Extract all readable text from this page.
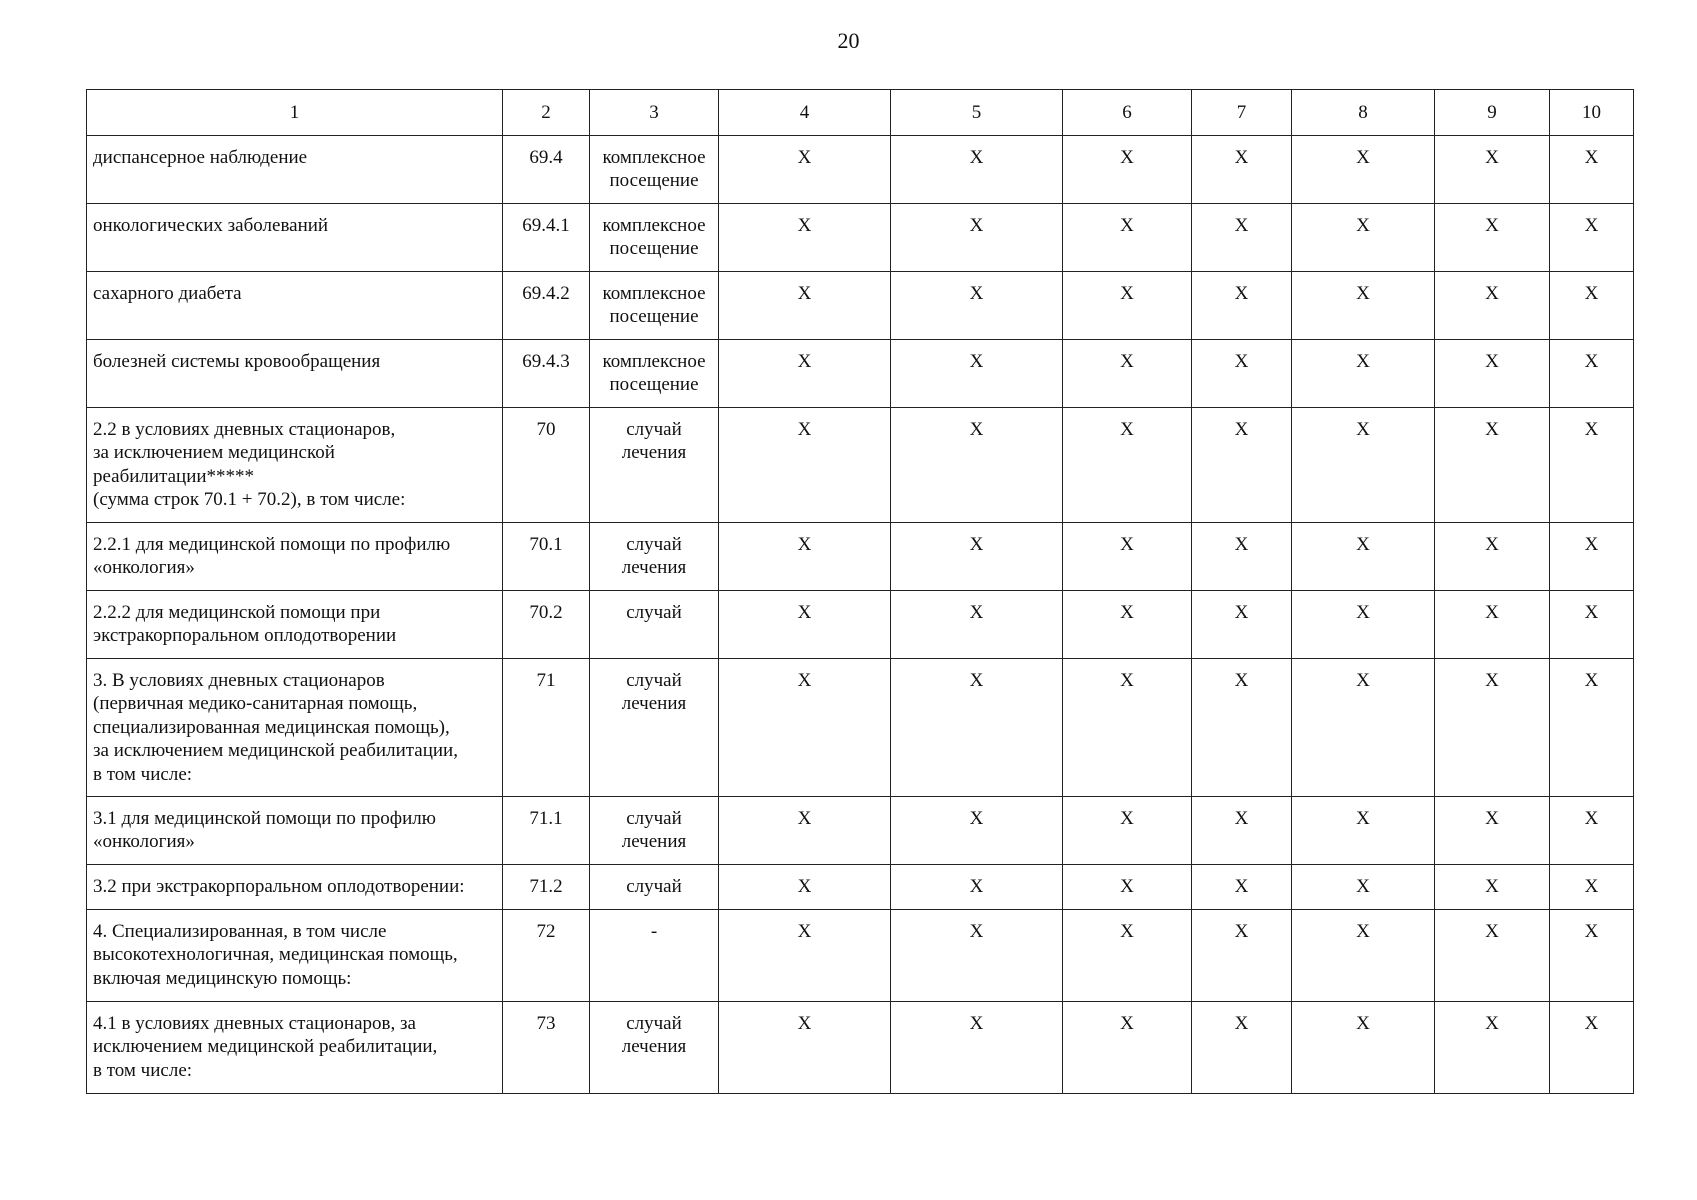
20
1	2	3	4	5	6	7	8	9	10
диспансерное наблюдение	69.4	комплексное
посещение	X	X	X	X	X	X	X
онкологических заболеваний	69.4.1	комплексное
посещение	X	X	X	X	X	X	X
сахарного диабета	69.4.2	комплексное
посещение	X	X	X	X	X	X	X
болезней системы кровообращения	69.4.3	комплексное
посещение	X	X	X	X	X	X	X
2.2 в условиях дневных стационаров,
за исключением медицинской
реабилитации*****
(сумма строк 70.1 + 70.2), в том числе:	70	случай
лечения	X	X	X	X	X	X	X
2.2.1 для медицинской помощи по профилю
«онкология»	70.1	случай
лечения	X	X	X	X	X	X	X
2.2.2 для медицинской помощи при
экстракорпоральном оплодотворении	70.2	случай	X	X	X	X	X	X	X
3. В условиях дневных стационаров
(первичная медико-санитарная помощь,
специализированная медицинская помощь),
за исключением медицинской реабилитации,
в том числе:	71	случай
лечения	X	X	X	X	X	X	X
3.1 для медицинской помощи по профилю
«онкология»	71.1	случай
лечения	X	X	X	X	X	X	X
3.2 при экстракорпоральном оплодотворении:	71.2	случай	X	X	X	X	X	X	X
4. Специализированная, в том числе
высокотехнологичная, медицинская помощь,
включая медицинскую помощь:	72	-	X	X	X	X	X	X	X
4.1 в условиях дневных стационаров, за
исключением медицинской реабилитации,
в том числе:	73	случай
лечения	X	X	X	X	X	X	X
